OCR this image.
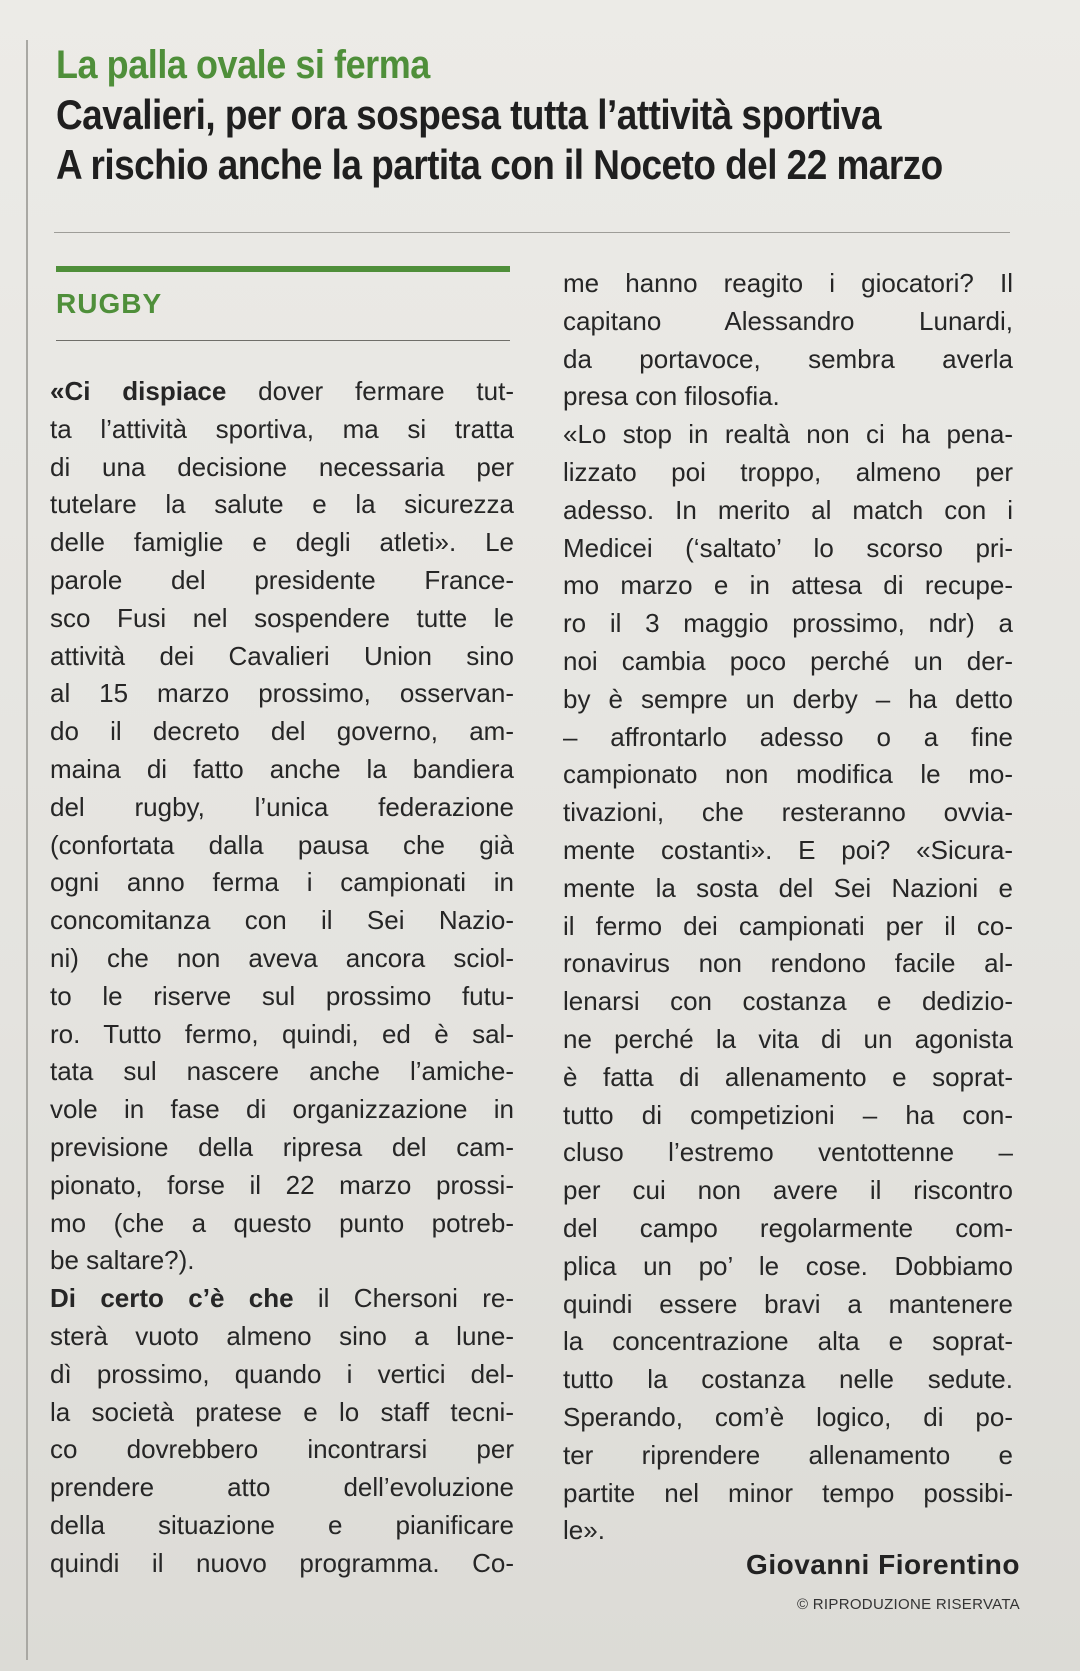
La palla ovale si ferma
Cavalieri, per ora sospesa tutta l’attività sportiva
A rischio anche la partita con il Noceto del 22 marzo
RUGBY
«Ci dispiace dover fermare tut-
ta l’attività sportiva, ma si tratta
di una decisione necessaria per
tutelare la salute e la sicurezza
delle famiglie e degli atleti». Le
parole del presidente France-
sco Fusi nel sospendere tutte le
attività dei Cavalieri Union sino
al 15 marzo prossimo, osservan-
do il decreto del governo, am-
maina di fatto anche la bandiera
del rugby, l’unica federazione
(confortata dalla pausa che già
ogni anno ferma i campionati in
concomitanza con il Sei Nazio-
ni) che non aveva ancora sciol-
to le riserve sul prossimo futu-
ro. Tutto fermo, quindi, ed è sal-
tata sul nascere anche l’amiche-
vole in fase di organizzazione in
previsione della ripresa del cam-
pionato, forse il 22 marzo prossi-
mo (che a questo punto potreb-
be saltare?).
Di certo c’è che il Chersoni re-
sterà vuoto almeno sino a lune-
dì prossimo, quando i vertici del-
la società pratese e lo staff tecni-
co dovrebbero incontrarsi per
prendere atto dell’evoluzione
della situazione e pianificare
quindi il nuovo programma. Co-
me hanno reagito i giocatori? Il
capitano Alessandro Lunardi,
da portavoce, sembra averla
presa con filosofia.
«Lo stop in realtà non ci ha pena-
lizzato poi troppo, almeno per
adesso. In merito al match con i
Medicei (‘saltato’ lo scorso pri-
mo marzo e in attesa di recupe-
ro il 3 maggio prossimo, ndr) a
noi cambia poco perché un der-
by è sempre un derby – ha detto
– affrontarlo adesso o a fine
campionato non modifica le mo-
tivazioni, che resteranno ovvia-
mente costanti». E poi? «Sicura-
mente la sosta del Sei Nazioni e
il fermo dei campionati per il co-
ronavirus non rendono facile al-
lenarsi con costanza e dedizio-
ne perché la vita di un agonista
è fatta di allenamento e soprat-
tutto di competizioni – ha con-
cluso l’estremo ventottenne –
per cui non avere il riscontro
del campo regolarmente com-
plica un po’ le cose. Dobbiamo
quindi essere bravi a mantenere
la concentrazione alta e soprat-
tutto la costanza nelle sedute.
Sperando, com’è logico, di po-
ter riprendere allenamento e
partite nel minor tempo possibi-
le».
Giovanni Fiorentino
© RIPRODUZIONE RISERVATA
